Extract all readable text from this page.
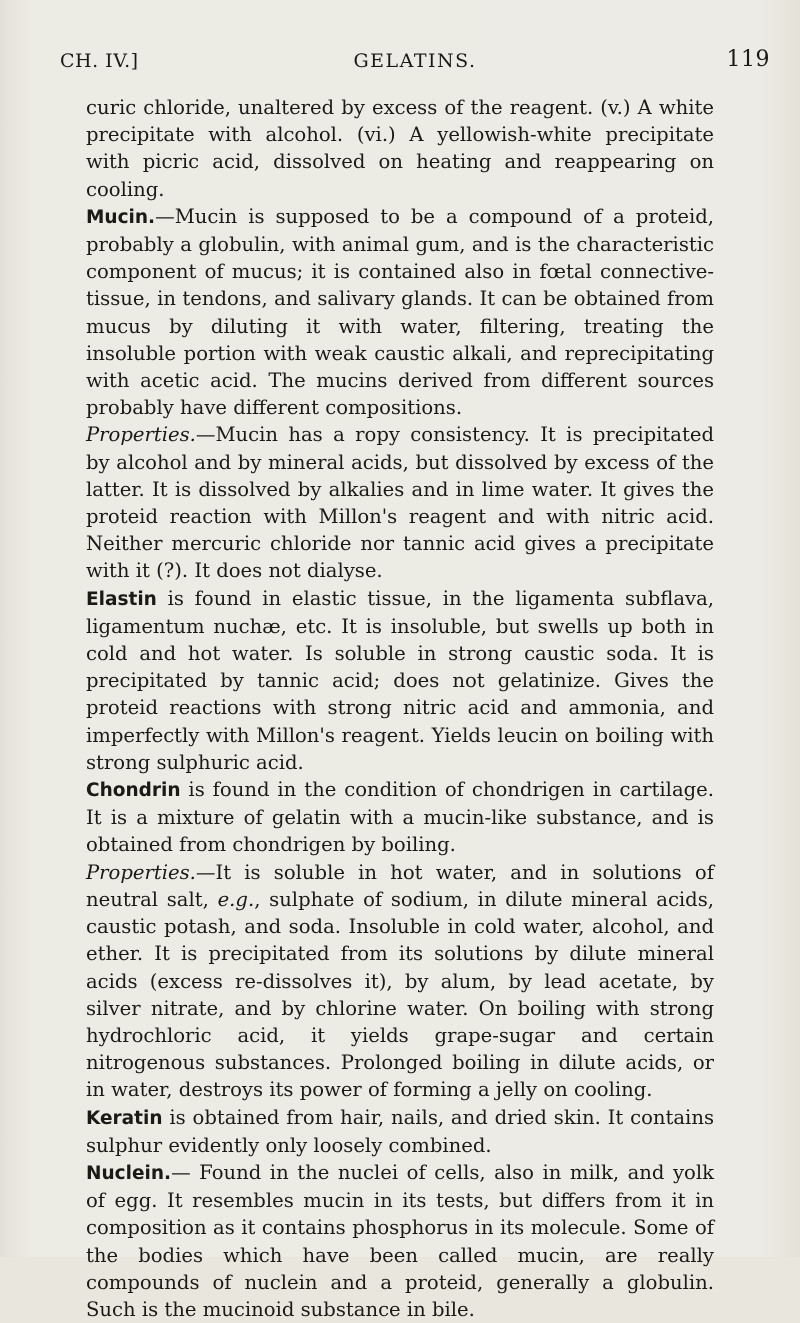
CH. IV.]	GELATINS.	119

curic chloride, unaltered by excess of the reagent. (v.) A white precipitate with alcohol. (vi.) A yellowish-white precipitate with picric acid, dissolved on heating and reappearing on cooling.

Mucin.—Mucin is supposed to be a compound of a proteid, probably a globulin, with animal gum, and is the characteristic component of mucus; it is contained also in fœtal connective-tissue, in tendons, and salivary glands. It can be obtained from mucus by diluting it with water, filtering, treating the insoluble portion with weak caustic alkali, and reprecipitating with acetic acid. The mucins derived from different sources probably have different compositions.

Properties.—Mucin has a ropy consistency. It is precipitated by alcohol and by mineral acids, but dissolved by excess of the latter. It is dissolved by alkalies and in lime water. It gives the proteid reaction with Millon's reagent and with nitric acid. Neither mercuric chloride nor tannic acid gives a precipitate with it (?). It does not dialyse.

Elastin is found in elastic tissue, in the ligamenta subflava, ligamentum nuchæ, etc. It is insoluble, but swells up both in cold and hot water. Is soluble in strong caustic soda. It is precipitated by tannic acid; does not gelatinize. Gives the proteid reactions with strong nitric acid and ammonia, and imperfectly with Millon's reagent. Yields leucin on boiling with strong sulphuric acid.

Chondrin is found in the condition of chondrigen in cartilage. It is a mixture of gelatin with a mucin-like substance, and is obtained from chondrigen by boiling.

Properties.—It is soluble in hot water, and in solutions of neutral salt, e.g., sulphate of sodium, in dilute mineral acids, caustic potash, and soda. Insoluble in cold water, alcohol, and ether. It is precipitated from its solutions by dilute mineral acids (excess re-dissolves it), by alum, by lead acetate, by silver nitrate, and by chlorine water. On boiling with strong hydrochloric acid, it yields grape-sugar and certain nitrogenous substances. Prolonged boiling in dilute acids, or in water, destroys its power of forming a jelly on cooling.

Keratin is obtained from hair, nails, and dried skin. It contains sulphur evidently only loosely combined.

Nuclein.— Found in the nuclei of cells, also in milk, and yolk of egg. It resembles mucin in its tests, but differs from it in composition as it contains phosphorus in its molecule. Some of the bodies which have been called mucin, are really compounds of nuclein and a proteid, generally a globulin. Such is the mucinoid substance in bile.
